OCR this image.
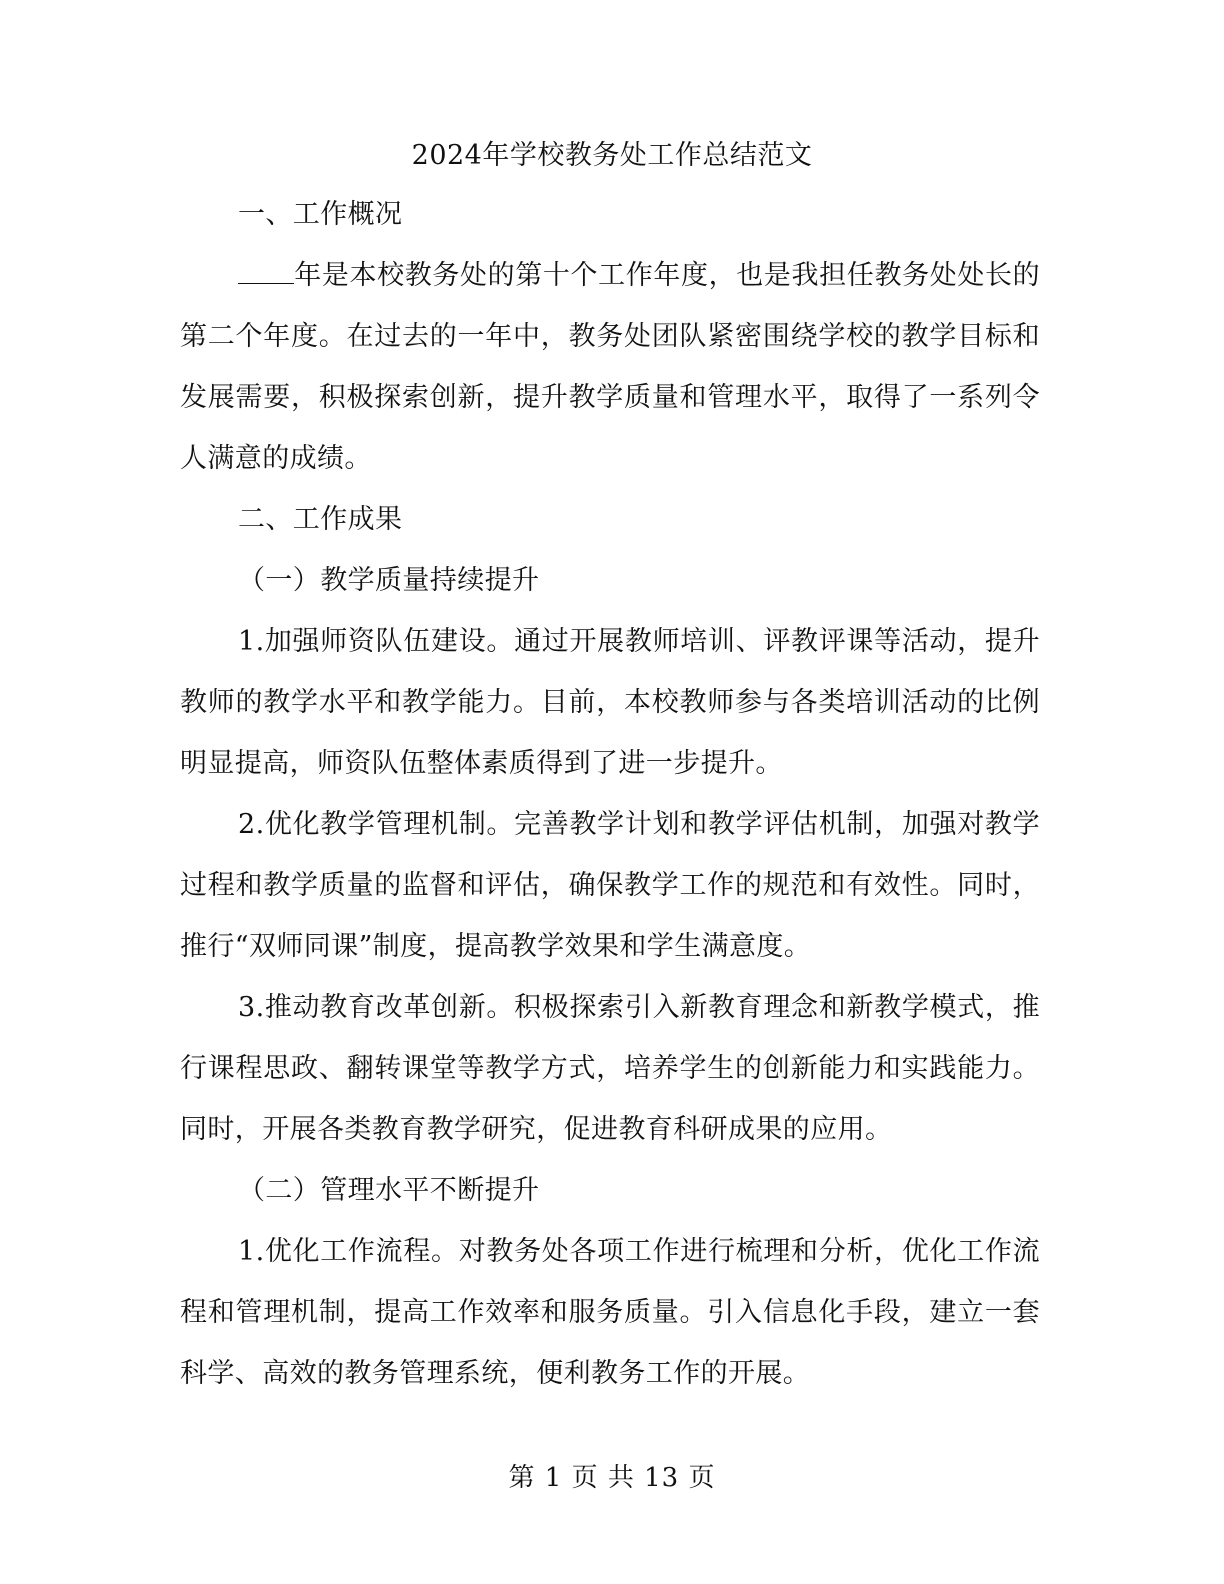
2024年学校教务处工作总结范文
一、工作概况
年是本校教务处的第十个工作年度，也是我担任教务处处长的第二个年度。在过去的一年中，教务处团队紧密围绕学校的教学目标和发展需要，积极探索创新，提升教学质量和管理水平，取得了一系列令人满意的成绩。
二、工作成果
（一）教学质量持续提升
1.加强师资队伍建设。通过开展教师培训、评教评课等活动，提升教师的教学水平和教学能力。目前，本校教师参与各类培训活动的比例明显提高，师资队伍整体素质得到了进一步提升。
2.优化教学管理机制。完善教学计划和教学评估机制，加强对教学过程和教学质量的监督和评估，确保教学工作的规范和有效性。同时，推行“双师同课”制度，提高教学效果和学生满意度。
3.推动教育改革创新。积极探索引入新教育理念和新教学模式，推行课程思政、翻转课堂等教学方式，培养学生的创新能力和实践能力。同时，开展各类教育教学研究，促进教育科研成果的应用。
（二）管理水平不断提升
1.优化工作流程。对教务处各项工作进行梳理和分析，优化工作流程和管理机制，提高工作效率和服务质量。引入信息化手段，建立一套科学、高效的教务管理系统，便利教务工作的开展。
第 1 页 共 13 页
